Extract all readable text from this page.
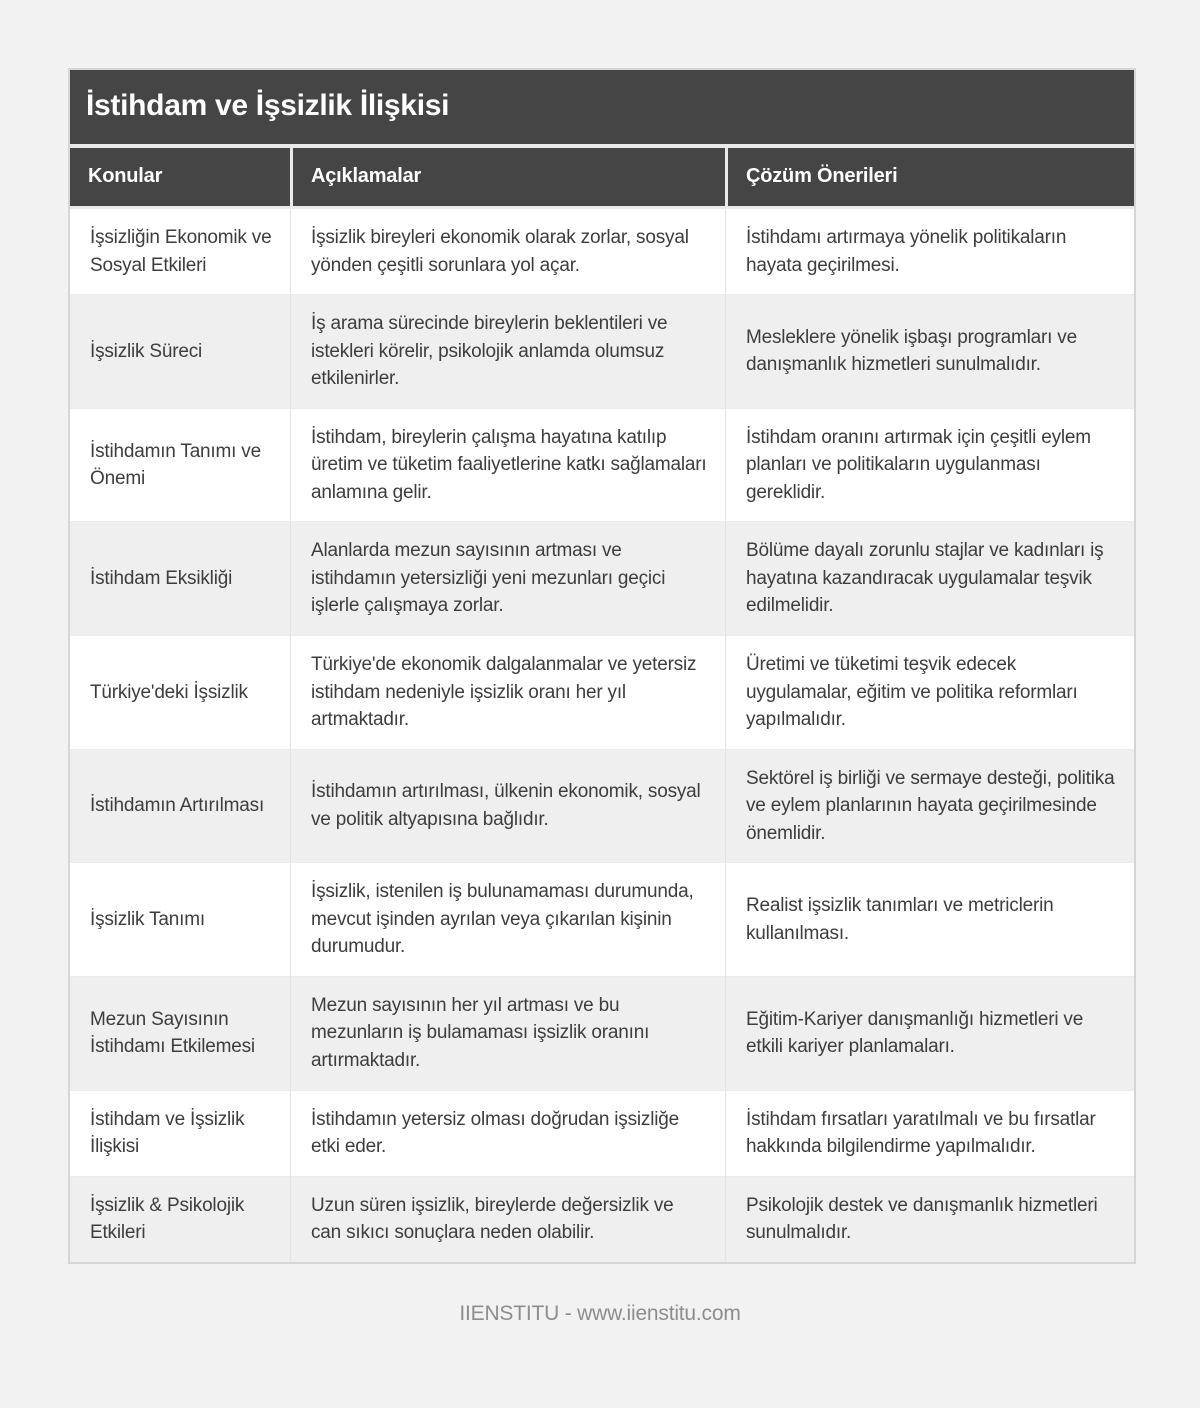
İstihdam ve İşsizlik İlişkisi		
Konular	Açıklamalar	Çözüm Önerileri
İşsizliğin Ekonomik ve Sosyal Etkileri	İşsizlik bireyleri ekonomik olarak zorlar, sosyal yönden çeşitli sorunlara yol açar.	İstihdamı artırmaya yönelik politikaların hayata geçirilmesi.
İşsizlik Süreci	İş arama sürecinde bireylerin beklentileri ve istekleri körelir, psikolojik anlamda olumsuz etkilenirler.	Mesleklere yönelik işbaşı programları ve danışmanlık hizmetleri sunulmalıdır.
İstihdamın Tanımı ve Önemi	İstihdam, bireylerin çalışma hayatına katılıp üretim ve tüketim faaliyetlerine katkı sağlamaları anlamına gelir.	İstihdam oranını artırmak için çeşitli eylem planları ve politikaların uygulanması gereklidir.
İstihdam Eksikliği	Alanlarda mezun sayısının artması ve istihdamın yetersizliği yeni mezunları geçici işlerle çalışmaya zorlar.	Bölüme dayalı zorunlu stajlar ve kadınları iş hayatına kazandıracak uygulamalar teşvik edilmelidir.
Türkiye'deki İşsizlik	Türkiye'de ekonomik dalgalanmalar ve yetersiz istihdam nedeniyle işsizlik oranı her yıl artmaktadır.	Üretimi ve tüketimi teşvik edecek uygulamalar, eğitim ve politika reformları yapılmalıdır.
İstihdamın Artırılması	İstihdamın artırılması, ülkenin ekonomik, sosyal ve politik altyapısına bağlıdır.	Sektörel iş birliği ve sermaye desteği, politika ve eylem planlarının hayata geçirilmesinde önemlidir.
İşsizlik Tanımı	İşsizlik, istenilen iş bulunamaması durumunda, mevcut işinden ayrılan veya çıkarılan kişinin durumudur.	Realist işsizlik tanımları ve metriclerin kullanılması.
Mezun Sayısının İstihdamı Etkilemesi	Mezun sayısının her yıl artması ve bu mezunların iş bulamaması işsizlik oranını artırmaktadır.	Eğitim-Kariyer danışmanlığı hizmetleri ve etkili kariyer planlamaları.
İstihdam ve İşsizlik İlişkisi	İstihdamın yetersiz olması doğrudan işsizliğe etki eder.	İstihdam fırsatları yaratılmalı ve bu fırsatlar hakkında bilgilendirme yapılmalıdır.
İşsizlik & Psikolojik Etkileri	Uzun süren işsizlik, bireylerde değersizlik ve can sıkıcı sonuçlara neden olabilir.	Psikolojik destek ve danışmanlık hizmetleri sunulmalıdır.
IIENSTITU - www.iienstitu.com
